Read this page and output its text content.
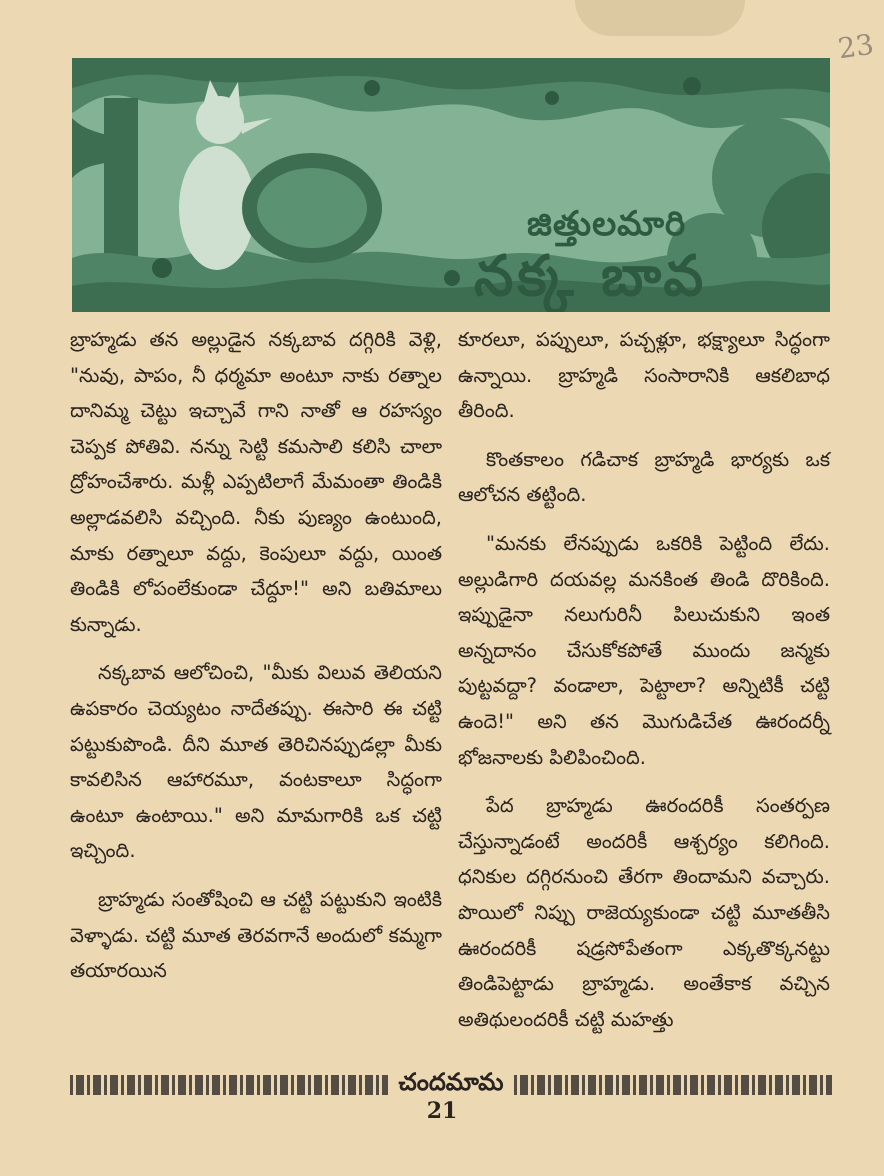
23
జిత్తులమారి
నక్క బావ

బ్రాహ్మడు తన అల్లుడైన నక్కబావ దగ్గిరికి వెళ్లి, "నువు, పాపం, నీ ధర్మమా అంటూ నాకు రత్నాల దానిమ్మ చెట్టు ఇచ్చావే గాని నాతో ఆ రహస్యం చెప్పక పోతివి. నన్ను సెట్టి కమసాలి కలిసి చాలా ద్రోహంచేశారు. మళ్లీ ఎప్పటిలాగే మేమంతా తిండికి అల్లాడవలిసి వచ్చింది. నీకు పుణ్యం ఉంటుంది, మాకు రత్నాలూ వద్దు, కెంపులూ వద్దు, యింత తిండికి లోపంలేకుండా చేద్దూ!" అని బతిమాలు కున్నాడు.

నక్కబావ ఆలోచించి, "మీకు విలువ తెలియని ఉపకారం చెయ్యటం నాదేతప్పు. ఈసారి ఈ చట్టి పట్టుకుపొండి. దీని మూత తెరిచినప్పుడల్లా మీకు కావలిసిన ఆహారమూ, వంటకాలూ సిద్ధంగా ఉంటూ ఉంటాయి." అని మామగారికి ఒక చట్టి ఇచ్చింది.

బ్రాహ్మడు సంతోషించి ఆ చట్టి పట్టుకుని ఇంటికి వెళ్ళాడు. చట్టి మూత తెరవగానే అందులో కమ్మగా తయారయిన

కూరలూ, పప్పులూ, పచ్చళ్లూ, భక్ష్యాలూ సిద్ధంగా ఉన్నాయి. బ్రాహ్మడి సంసారానికి ఆకలిబాధ తీరింది.

కొంతకాలం గడిచాక బ్రాహ్మడి భార్యకు ఒక ఆలోచన తట్టింది.

"మనకు లేనప్పుడు ఒకరికి పెట్టింది లేదు. అల్లుడిగారి దయవల్ల మనకింత తిండి దొరికింది. ఇప్పుడైనా నలుగురినీ పిలుచుకుని ఇంత అన్నదానం చేసుకోకపోతే ముందు జన్మకు పుట్టవద్దా? వండాలా, పెట్టాలా? అన్నిటికీ చట్టి ఉందె!" అని తన మొగుడిచేత ఊరందర్నీ భోజనాలకు పిలిపించింది.

పేద బ్రాహ్మడు ఊరందరికీ సంతర్పణ చేస్తున్నాడంటే అందరికీ ఆశ్చర్యం కలిగింది. ధనికుల దగ్గిరనుంచి తేరగా తిందామని వచ్చారు. పొయిలో నిప్పు రాజెయ్యకుండా చట్టి మూతతీసి ఊరందరికీ షడ్రసోపేతంగా ఎక్కతొక్కనట్టు తిండిపెట్టాడు బ్రాహ్మడు. అంతేకాక వచ్చిన అతిథులందరికీ చట్టి మహత్తు

చందమామ
21
